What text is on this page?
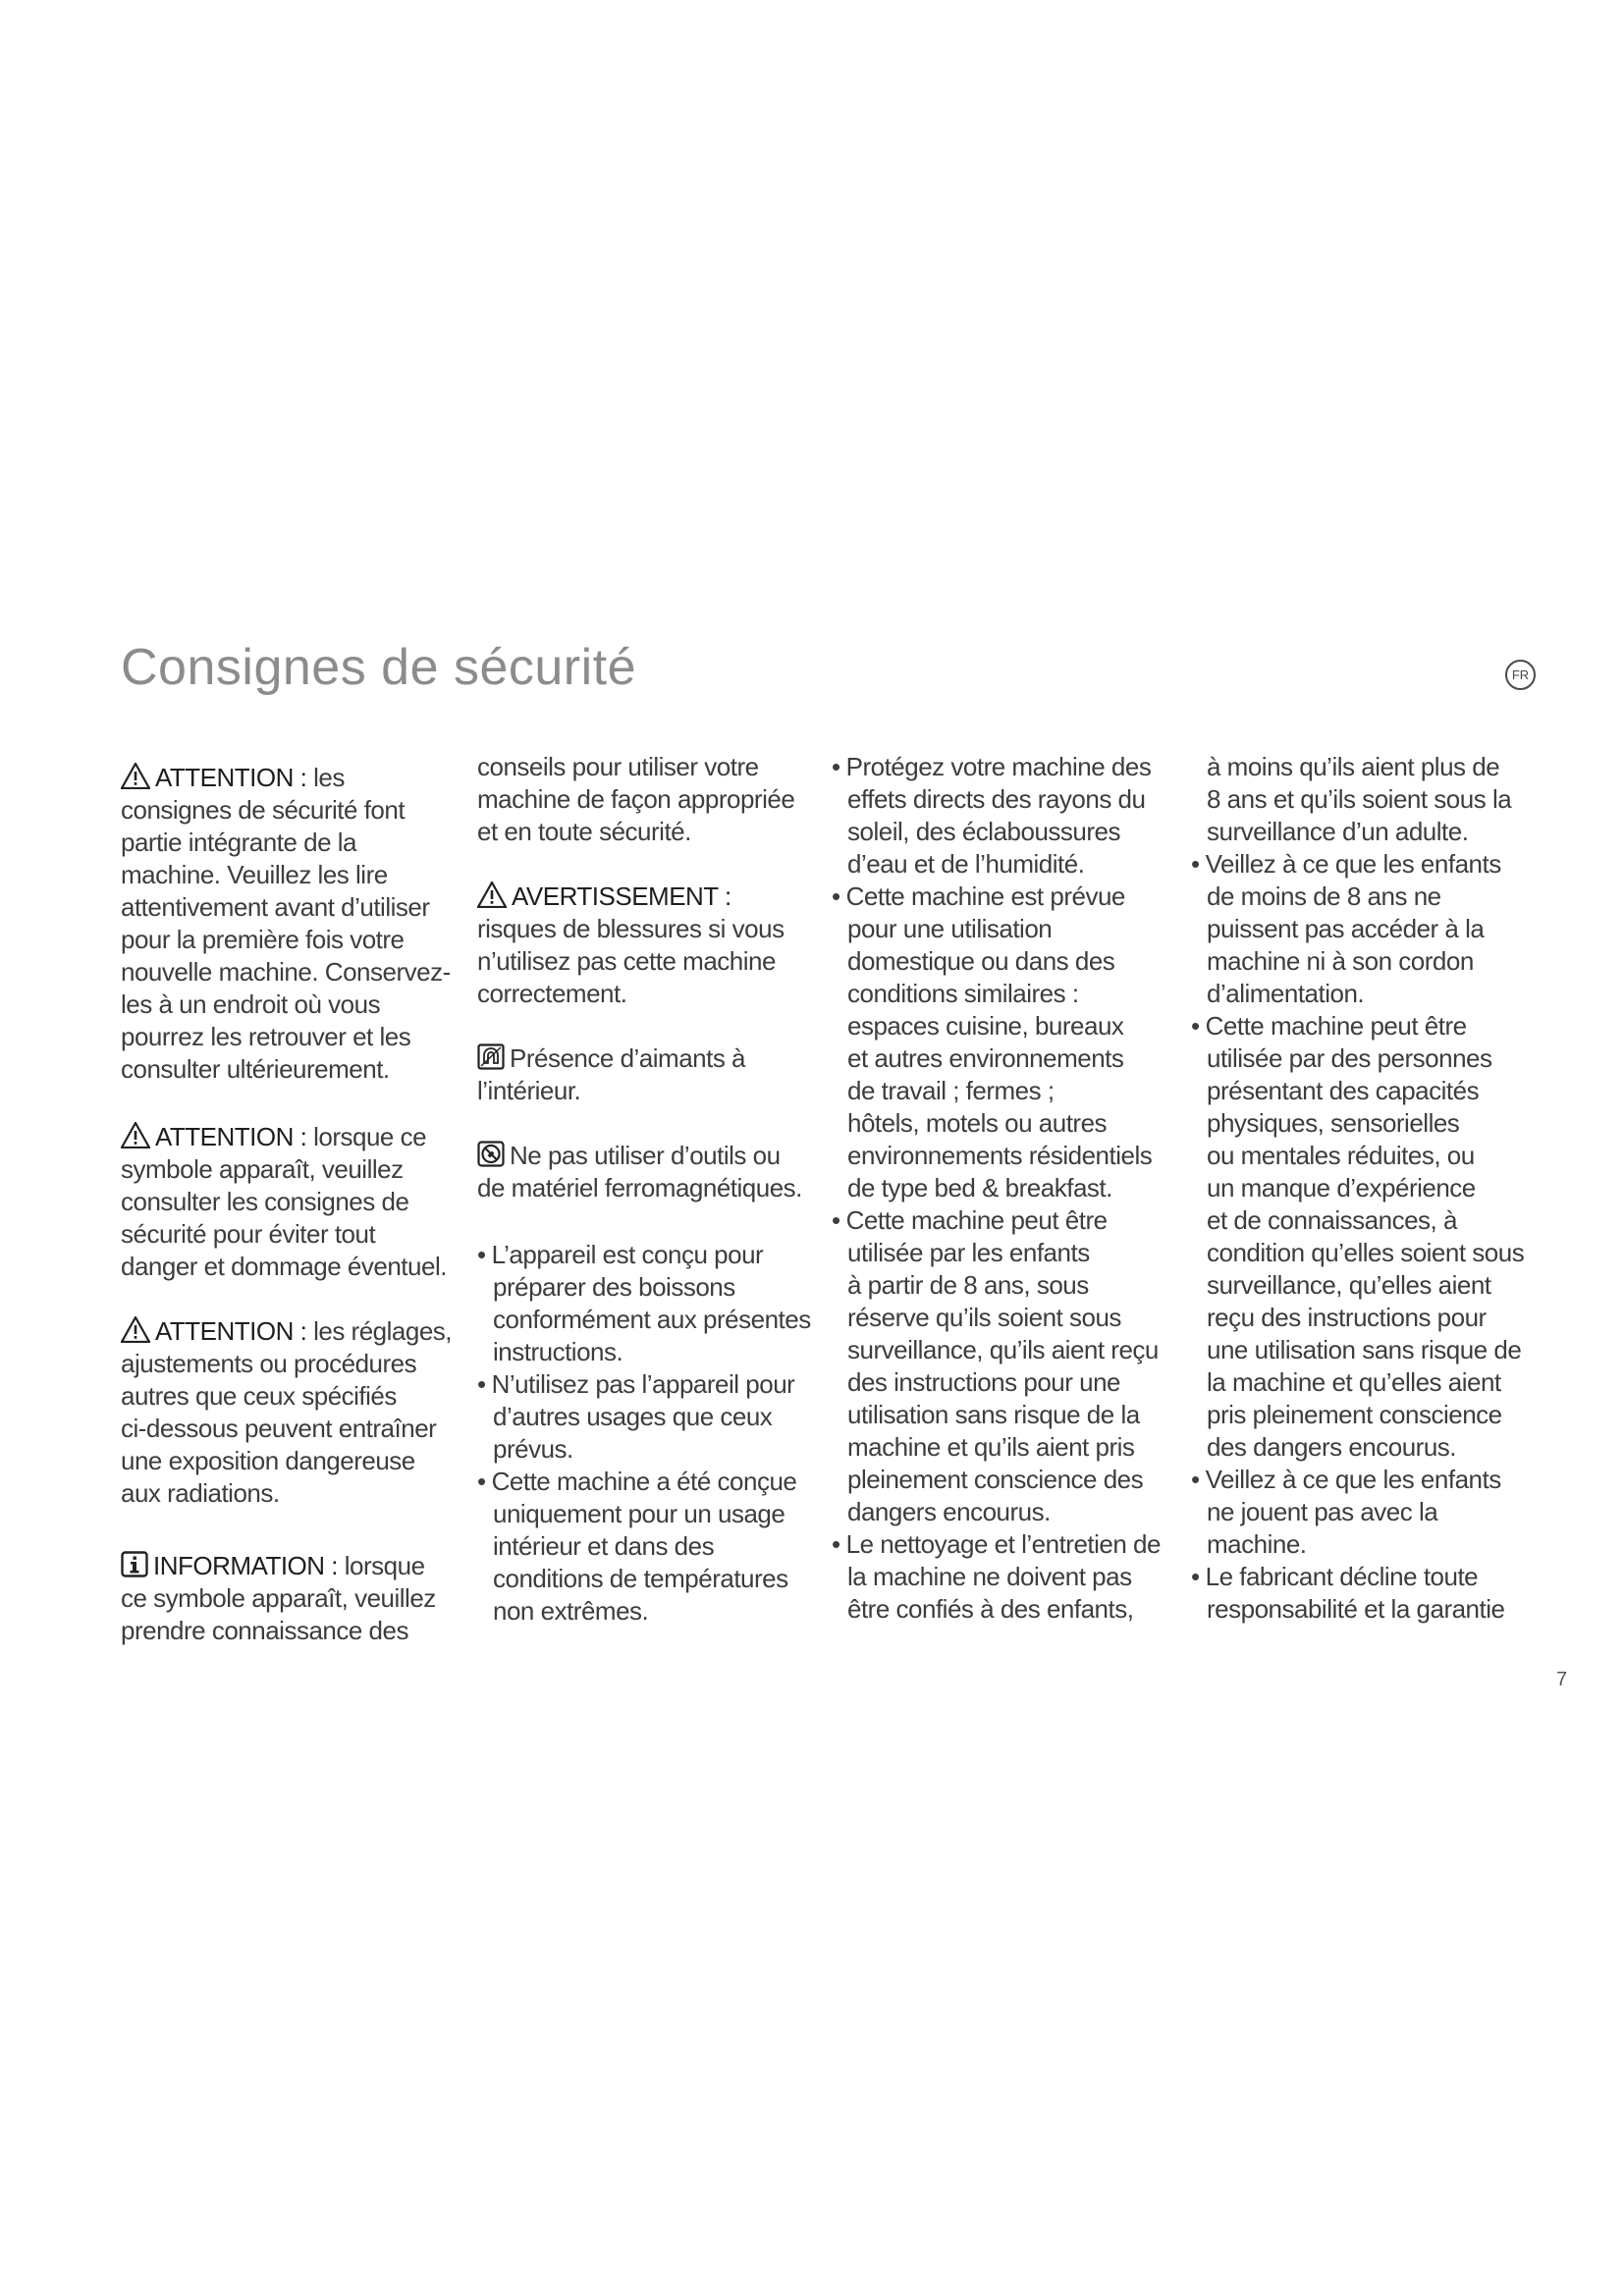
Consignes de sécurité	FR
ATTENTION : les
consignes de sécurité font
partie intégrante de la
machine. Veuillez les lire
attentivement avant d’utiliser
pour la première fois votre
nouvelle machine. Conservez-
les à un endroit où vous
pourrez les retrouver et les
consulter ultérieurement.
ATTENTION : lorsque ce
symbole apparaît, veuillez
consulter les consignes de
sécurité pour éviter tout
danger et dommage éventuel.
ATTENTION : les réglages,
ajustements ou procédures
autres que ceux spécifiés
ci-dessous peuvent entraîner
une exposition dangereuse
aux radiations.
INFORMATION : lorsque
ce symbole apparaît, veuillez
prendre connaissance des
conseils pour utiliser votre
machine de façon appropriée
et en toute sécurité.
AVERTISSEMENT :
risques de blessures si vous
n’utilisez pas cette machine
correctement.
Présence d’aimants à
l’intérieur.
Ne pas utiliser d’outils ou
de matériel ferromagnétiques.
• L’appareil est conçu pour
préparer des boissons
conformément aux présentes
instructions.
• N’utilisez pas l’appareil pour
d’autres usages que ceux
prévus.
• Cette machine a été conçue
uniquement pour un usage
intérieur et dans des
conditions de températures
non extrêmes.
• Protégez votre machine des
effets directs des rayons du
soleil, des éclaboussures
d’eau et de l’humidité.
• Cette machine est prévue
pour une utilisation
domestique ou dans des
conditions similaires :
espaces cuisine, bureaux
et autres environnements
de travail ; fermes ;
hôtels, motels ou autres
environnements résidentiels
de type bed & breakfast.
• Cette machine peut être
utilisée par les enfants
à partir de 8 ans, sous
réserve qu’ils soient sous
surveillance, qu’ils aient reçu
des instructions pour une
utilisation sans risque de la
machine et qu’ils aient pris
pleinement conscience des
dangers encourus.
• Le nettoyage et l’entretien de
la machine ne doivent pas
être confiés à des enfants,
à moins qu’ils aient plus de
8 ans et qu’ils soient sous la
surveillance d’un adulte.
• Veillez à ce que les enfants
de moins de 8 ans ne
puissent pas accéder à la
machine ni à son cordon
d’alimentation.
• Cette machine peut être
utilisée par des personnes
présentant des capacités
physiques, sensorielles
ou mentales réduites, ou
un manque d’expérience
et de connaissances, à
condition qu’elles soient sous
surveillance, qu’elles aient
reçu des instructions pour
une utilisation sans risque de
la machine et qu’elles aient
pris pleinement conscience
des dangers encourus.
• Veillez à ce que les enfants
ne jouent pas avec la
machine.
• Le fabricant décline toute
responsabilité et la garantie
7
